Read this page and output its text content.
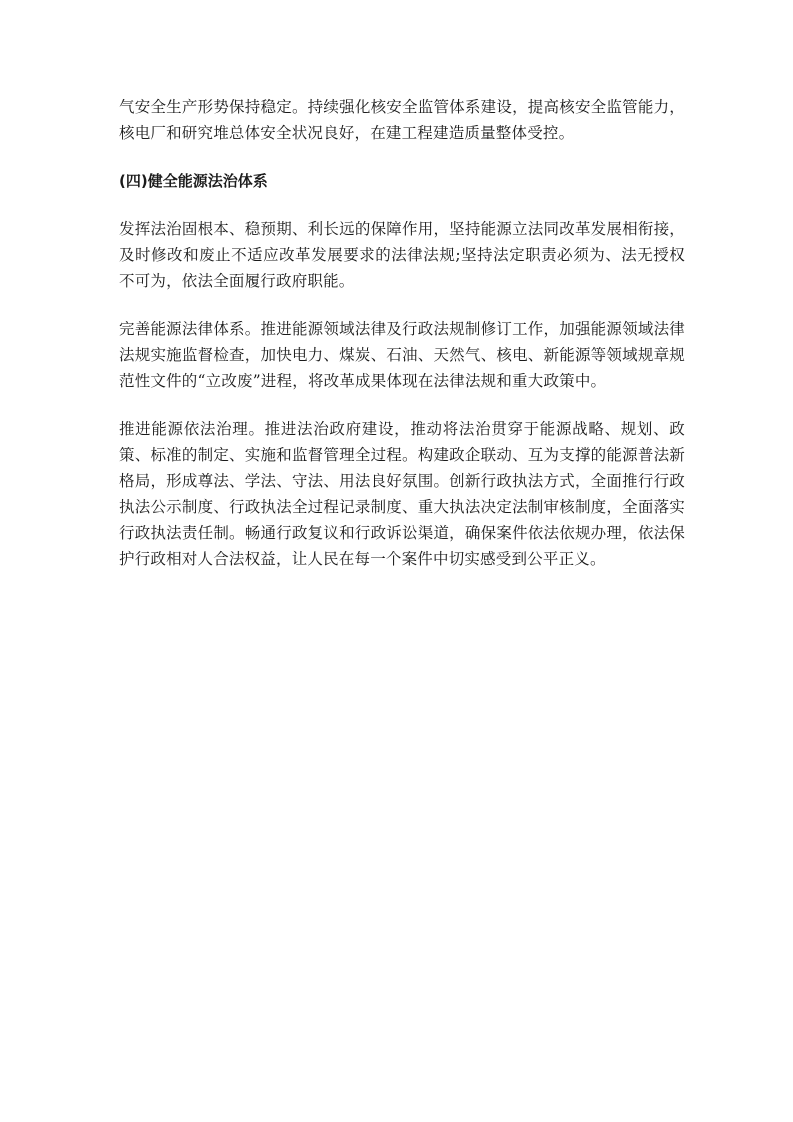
气安全生产形势保持稳定。持续强化核安全监管体系建设，提高核安全监管能力，核电厂和研究堆总体安全状况良好，在建工程建造质量整体受控。

(四)健全能源法治体系

发挥法治固根本、稳预期、利长远的保障作用，坚持能源立法同改革发展相衔接，及时修改和废止不适应改革发展要求的法律法规;坚持法定职责必须为、法无授权不可为，依法全面履行政府职能。

完善能源法律体系。推进能源领域法律及行政法规制修订工作，加强能源领域法律法规实施监督检查，加快电力、煤炭、石油、天然气、核电、新能源等领域规章规范性文件的“立改废”进程，将改革成果体现在法律法规和重大政策中。

推进能源依法治理。推进法治政府建设，推动将法治贯穿于能源战略、规划、政策、标准的制定、实施和监督管理全过程。构建政企联动、互为支撑的能源普法新格局，形成尊法、学法、守法、用法良好氛围。创新行政执法方式，全面推行行政执法公示制度、行政执法全过程记录制度、重大执法决定法制审核制度，全面落实行政执法责任制。畅通行政复议和行政诉讼渠道，确保案件依法依规办理，依法保护行政相对人合法权益，让人民在每一个案件中切实感受到公平正义。
